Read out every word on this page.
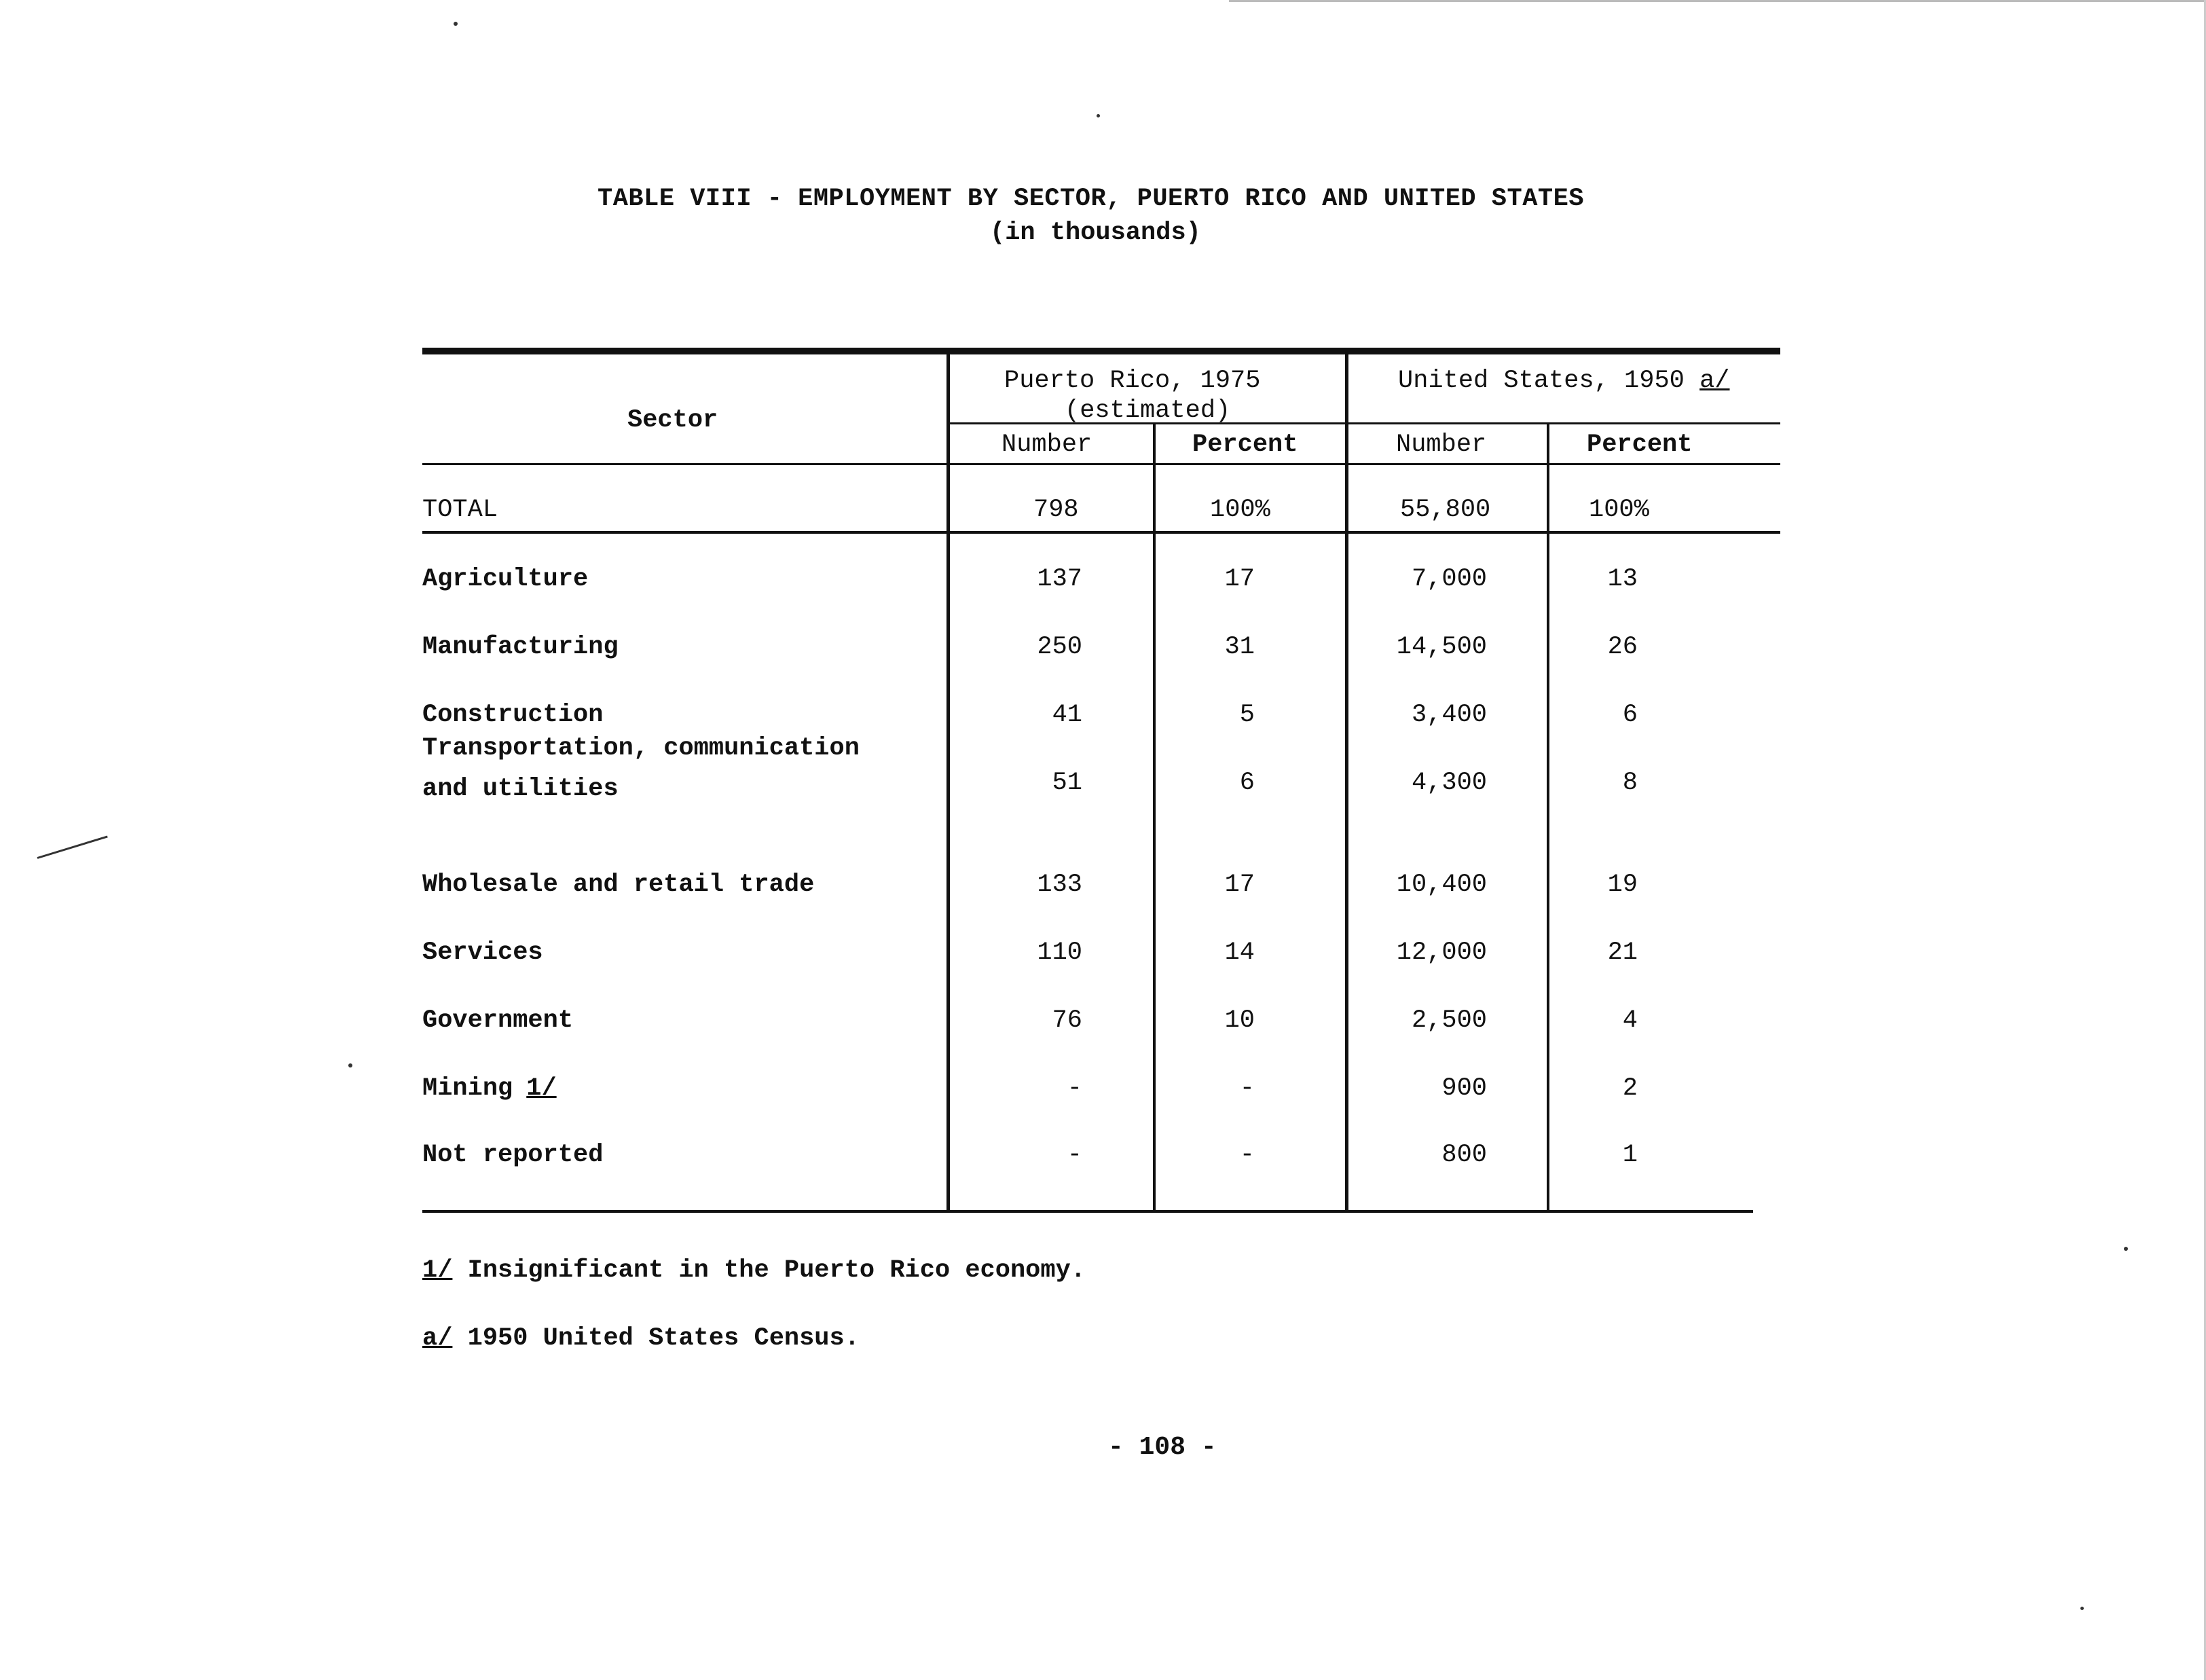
TABLE VIII - EMPLOYMENT BY SECTOR, PUERTO RICO AND UNITED STATES
(in thousands)
Sector
Puerto Rico, 1975
(estimated)
United States, 1950 a/
Number	Percent	Number	Percent
TOTAL	798	100%	55,800	100%
Agriculture	137	17	7,000	13
Manufacturing	250	31	14,500	26
Construction	41	5	3,400	6
Transportation, communication
and utilities	51	6	4,300	8
Wholesale and retail trade	133	17	10,400	19
Services	110	14	12,000	21
Government	76	10	2,500	4
Mining 1/	-	-	900	2
Not reported	-	-	800	1
1/ Insignificant in the Puerto Rico economy.
a/ 1950 United States Census.
- 108 -
